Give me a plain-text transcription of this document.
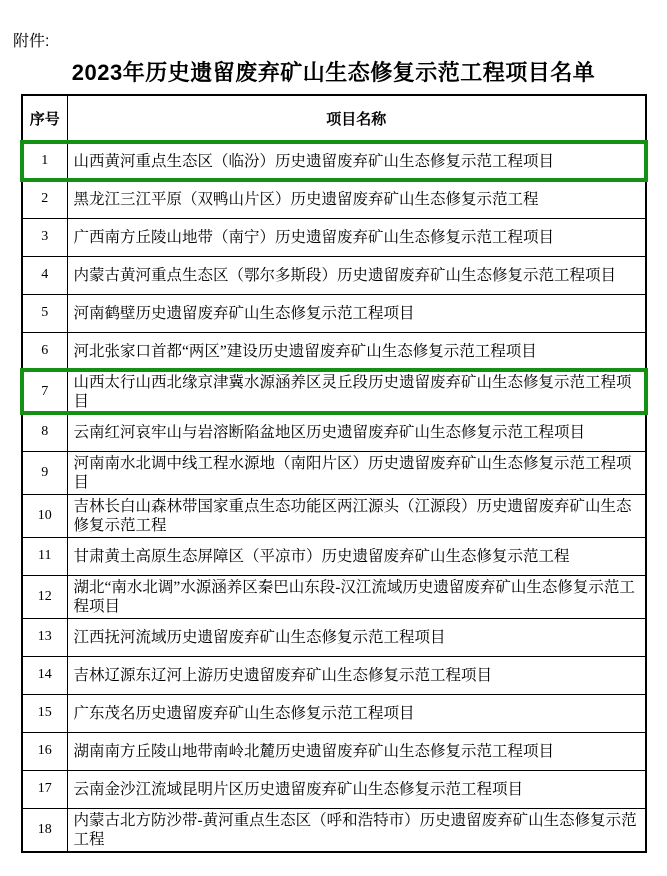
附件:

2023年历史遗留废弃矿山生态修复示范工程项目名单
序号	项目名称
1	山西黄河重点生态区（临汾）历史遗留废弃矿山生态修复示范工程项目
2	黑龙江三江平原（双鸭山片区）历史遗留废弃矿山生态修复示范工程
3	广西南方丘陵山地带（南宁）历史遗留废弃矿山生态修复示范工程项目
4	内蒙古黄河重点生态区（鄂尔多斯段）历史遗留废弃矿山生态修复示范工程项目
5	河南鹤壁历史遗留废弃矿山生态修复示范工程项目
6	河北张家口首都“两区”建设历史遗留废弃矿山生态修复示范工程项目
7	山西太行山西北缘京津冀水源涵养区灵丘段历史遗留废弃矿山生态修复示范工程项目
8	云南红河哀牢山与岩溶断陷盆地区历史遗留废弃矿山生态修复示范工程项目
9	河南南水北调中线工程水源地（南阳片区）历史遗留废弃矿山生态修复示范工程项目
10	吉林长白山森林带国家重点生态功能区两江源头（江源段）历史遗留废弃矿山生态修复示范工程
11	甘肃黄土高原生态屏障区（平凉市）历史遗留废弃矿山生态修复示范工程
12	湖北“南水北调”水源涵养区秦巴山东段-汉江流域历史遗留废弃矿山生态修复示范工程项目
13	江西抚河流域历史遗留废弃矿山生态修复示范工程项目
14	吉林辽源东辽河上游历史遗留废弃矿山生态修复示范工程项目
15	广东茂名历史遗留废弃矿山生态修复示范工程项目
16	湖南南方丘陵山地带南岭北麓历史遗留废弃矿山生态修复示范工程项目
17	云南金沙江流域昆明片区历史遗留废弃矿山生态修复示范工程项目
18	内蒙古北方防沙带-黄河重点生态区（呼和浩特市）历史遗留废弃矿山生态修复示范工程
